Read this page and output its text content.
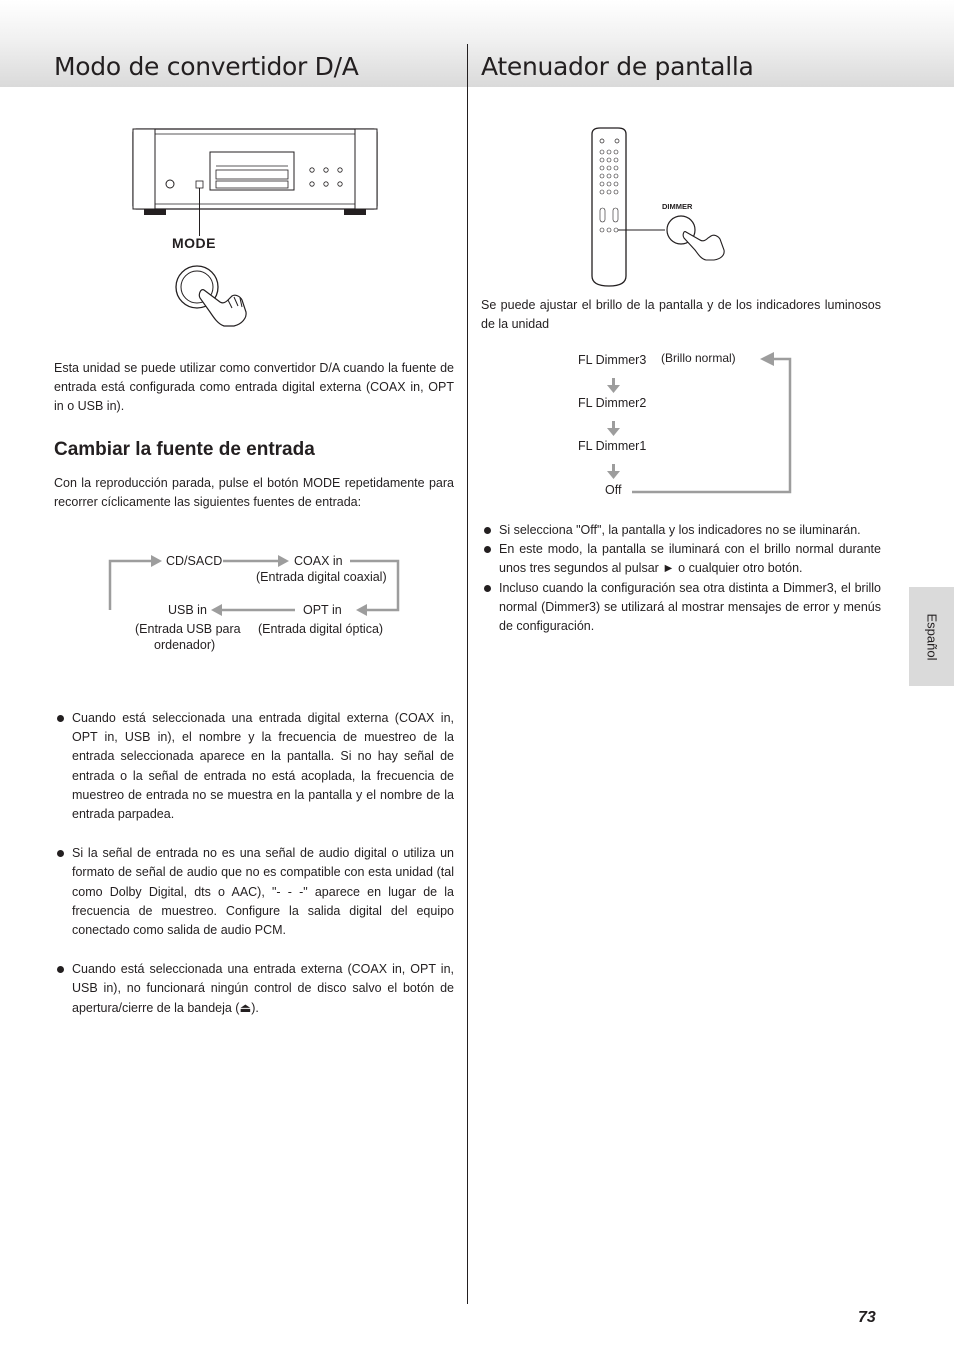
Modo de convertidor D/A
MODE

Esta unidad se puede utilizar como convertidor D/A cuando la fuente de entrada está configurada como entrada digital externa (COAX in, OPT in o USB in).

Cambiar la fuente de entrada

Con la reproducción parada, pulse el botón MODE repetidamente para recorrer cíclicamente las siguientes fuentes de entrada:

CD/SACD	COAX in
(Entrada digital coaxial)
OPT in
(Entrada digital óptica)
USB in
(Entrada USB para
ordenador)
Cuando está seleccionada una entrada digital externa (COAX in, OPT in, USB in), el nombre y la frecuencia de muestreo de la entrada seleccionada aparece en la pantalla. Si no hay señal de entrada o la señal de entrada no está acoplada, la frecuencia de muestreo de entrada no se muestra en la pantalla y el nombre de la entrada parpadea.
Si la señal de entrada no es una señal de audio digital o utiliza un formato de señal de audio que no es compatible con esta unidad (tal como Dolby Digital, dts o AAC), "- - -" aparece en lugar de la frecuencia de muestreo. Configure la salida digital del equipo conectado como salida de audio PCM.
Cuando está seleccionada una entrada externa (COAX in, OPT in, USB in), no funcionará ningún control de disco salvo el botón de apertura/cierre de la bandeja (⏏).
Atenuador de pantalla
DIMMER

Se puede ajustar el brillo de la pantalla y de los indicadores luminosos de la unidad

FL Dimmer3 (Brillo normal)
FL Dimmer2
FL Dimmer1
Off
Si selecciona "Off", la pantalla y los indicadores no se iluminarán.
En este modo, la pantalla se iluminará con el brillo normal durante unos tres segundos al pulsar ► o cualquier otro botón.
Incluso cuando la configuración sea otra distinta a Dimmer3, el brillo normal (Dimmer3) se utilizará al mostrar mensajes de error y menús de configuración.	Español
73
